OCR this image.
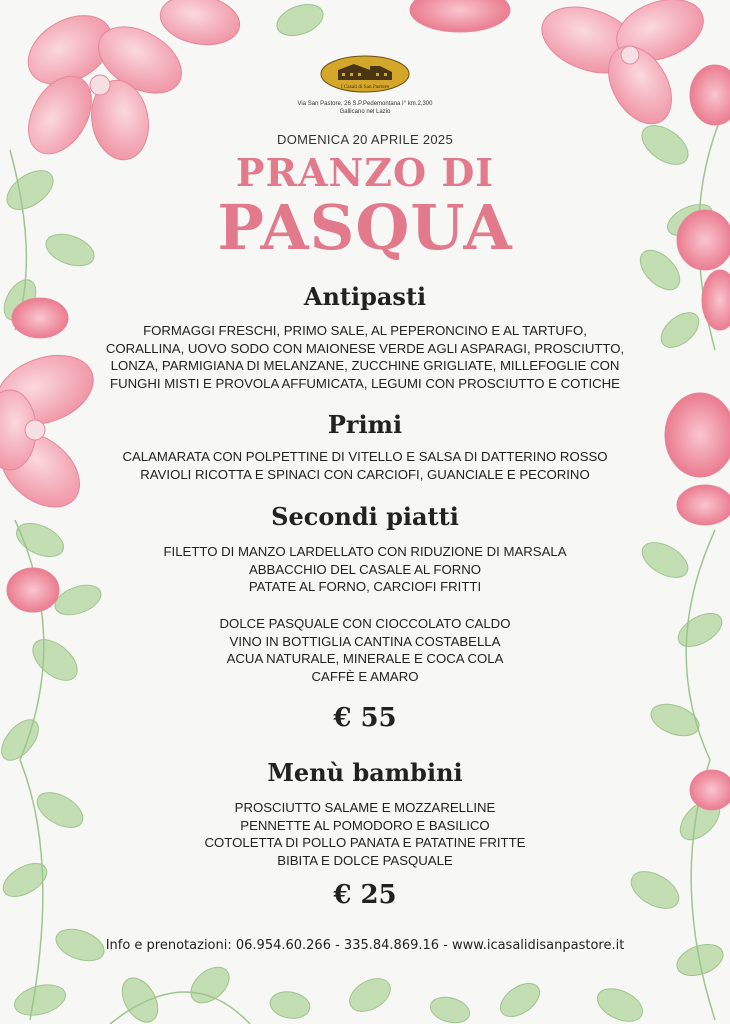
I Casali di San Pastore
Via San Pastore, 26 S.P.Pedemontana I° km.2,300
Gallicano nel Lazio
DOMENICA 20 APRILE 2025
PRANZO DI
PASQUA
Antipasti
FORMAGGI FRESCHI, PRIMO SALE, AL PEPERONCINO E AL TARTUFO,
CORALLINA, UOVO SODO CON MAIONESE VERDE AGLI ASPARAGI, PROSCIUTTO,
LONZA, PARMIGIANA DI MELANZANE, ZUCCHINE GRIGLIATE, MILLEFOGLIE CON
FUNGHI MISTI E PROVOLA AFFUMICATA, LEGUMI CON PROSCIUTTO E COTICHE
Primi
CALAMARATA CON POLPETTINE DI VITELLO E SALSA DI DATTERINO ROSSO
RAVIOLI RICOTTA E SPINACI CON CARCIOFI, GUANCIALE E PECORINO
Secondi piatti
FILETTO DI MANZO LARDELLATO CON RIDUZIONE DI MARSALA
ABBACCHIO DEL CASALE AL FORNO
PATATE AL FORNO, CARCIOFI FRITTI
DOLCE PASQUALE CON CIOCCOLATO CALDO
VINO IN BOTTIGLIA CANTINA COSTABELLA
ACUA NATURALE, MINERALE E COCA COLA
CAFFÈ E AMARO
€ 55
Menù bambini
PROSCIUTTO SALAME E MOZZARELLINE
PENNETTE AL POMODORO E BASILICO
COTOLETTA DI POLLO PANATA E PATATINE FRITTE
BIBITA E DOLCE PASQUALE
€ 25
Info e prenotazioni: 06.954.60.266 - 335.84.869.16 - www.icasalidisanpastore.it
